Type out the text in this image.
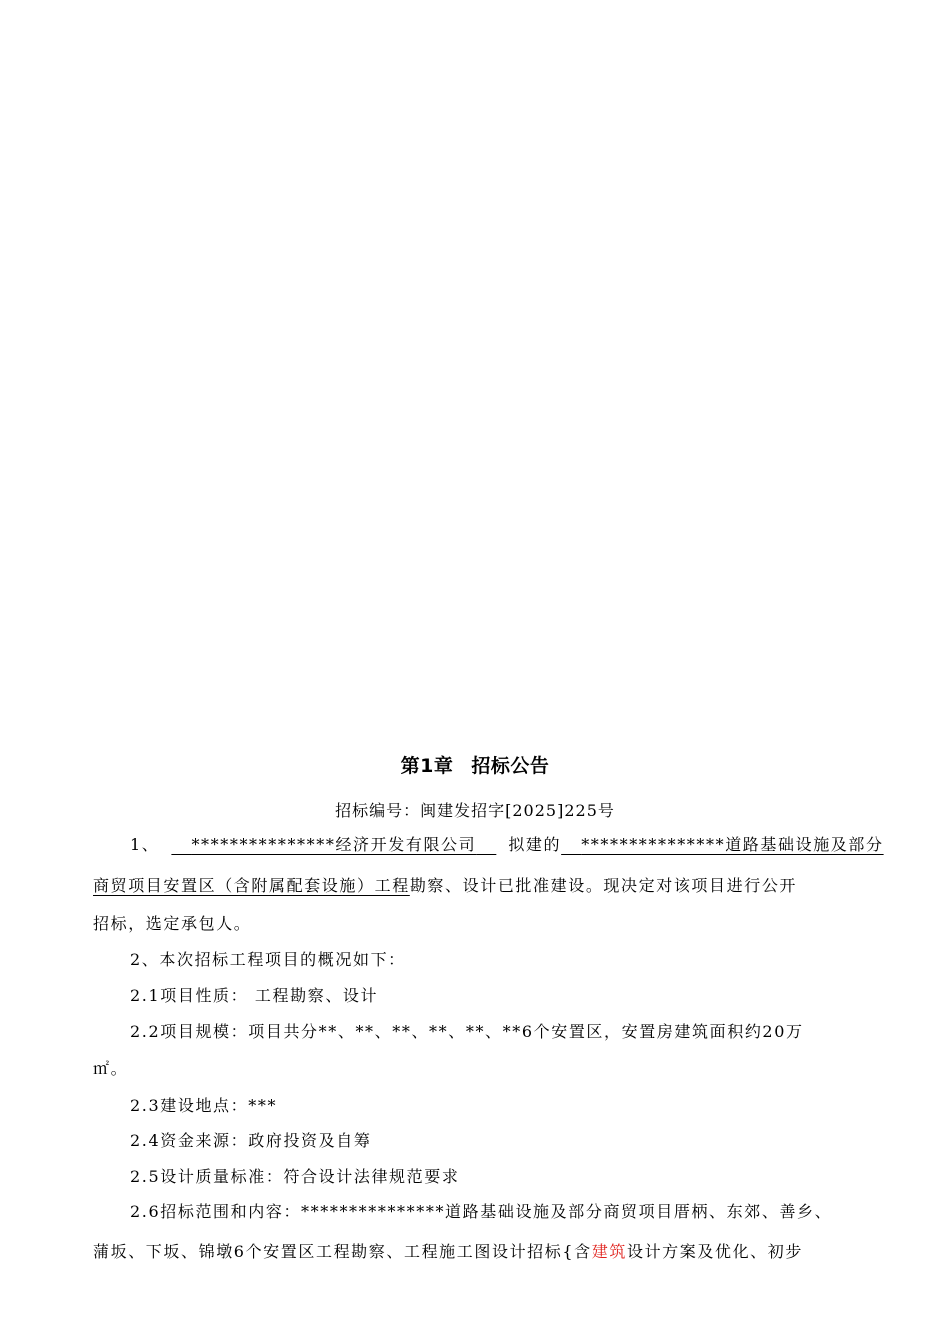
第1章 招标公告
招标编号：闽建发招字[2025]225号
1、 ***************经济开发有限公司 拟建的 ***************道路基础设施及部分
商贸项目安置区（含附属配套设施）工程勘察、设计已批准建设。现决定对该项目进行公开
招标，选定承包人。
2、本次招标工程项目的概况如下：
2.1项目性质： 工程勘察、设计
2.2项目规模：项目共分**、**、**、**、**、**6个安置区，安置房建筑面积约20万
㎡。
2.3建设地点：***
2.4资金来源：政府投资及自筹
2.5设计质量标准：符合设计法律规范要求
2.6招标范围和内容：***************道路基础设施及部分商贸项目厝柄、东郊、善乡、
蒲坂、下坂、锦墩6个安置区工程勘察、工程施工图设计招标{含建筑设计方案及优化、初步
